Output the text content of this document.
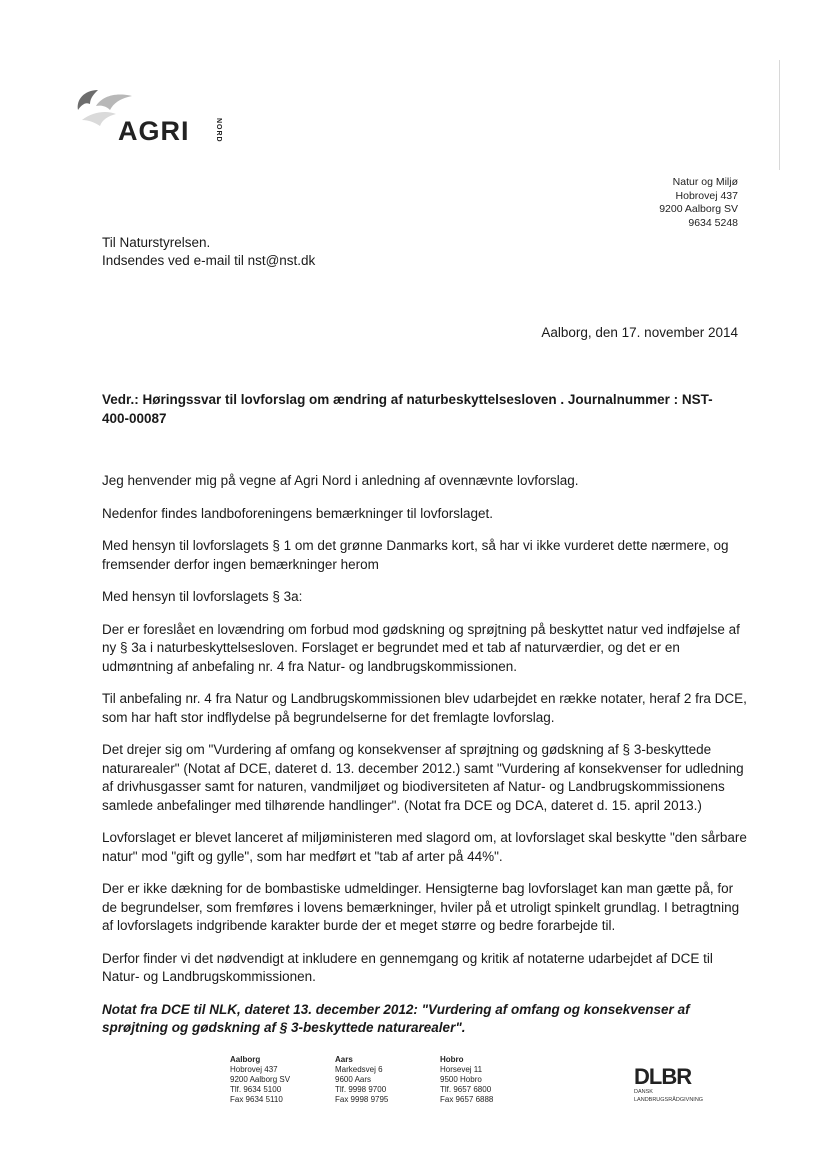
AGRI	NORD
Natur og Miljø
Hobrovej 437
9200 Aalborg SV
9634 5248
Til Naturstyrelsen.
Indsendes ved e-mail til nst@nst.dk
Aalborg, den 17. november 2014
Vedr.: Høringssvar til lovforslag om ændring af naturbeskyttelsesloven . Journalnummer : NST-400-00087

Jeg henvender mig på vegne af Agri Nord i anledning af ovennævnte lovforslag.

Nedenfor findes landboforeningens bemærkninger til lovforslaget.

Med hensyn til lovforslagets § 1 om det grønne Danmarks kort, så har vi ikke vurderet dette nærmere, og fremsender derfor ingen bemærkninger herom

Med hensyn til lovforslagets § 3a:

Der er foreslået en lovændring om forbud mod gødskning og sprøjtning på beskyttet natur ved indføjelse af ny § 3a i naturbeskyttelsesloven. Forslaget er begrundet med et tab af naturværdier, og det er en udmøntning af anbefaling nr. 4 fra Natur- og landbrugskommissionen.

Til anbefaling nr. 4 fra Natur og Landbrugskommissionen blev udarbejdet en række notater, heraf 2 fra DCE, som har haft stor indflydelse på begrundelserne for det fremlagte lovforslag.

Det drejer sig om "Vurdering af omfang og konsekvenser af sprøjtning og gødskning af § 3-beskyttede naturarealer" (Notat af DCE, dateret d. 13. december 2012.) samt "Vurdering af konsekvenser for udledning af drivhusgasser samt for naturen, vandmiljøet og biodiversiteten af Natur- og Landbrugskommissionens samlede anbefalinger med tilhørende handlinger". (Notat fra DCE og DCA, dateret d. 15. april 2013.)

Lovforslaget er blevet lanceret af miljøministeren med slagord om, at lovforslaget skal beskytte "den sårbare natur" mod "gift og gylle", som har medført et "tab af arter på 44%".

Der er ikke dækning for de bombastiske udmeldinger. Hensigterne bag lovforslaget kan man gætte på, for de begrundelser, som fremføres i lovens bemærkninger, hviler på et utroligt spinkelt grundlag. I betragtning af lovforslagets indgribende karakter burde der et meget større og bedre forarbejde til.

Derfor finder vi det nødvendigt at inkludere en gennemgang og kritik af notaterne udarbejdet af DCE til Natur- og Landbrugskommissionen.

Notat fra DCE til NLK, dateret 13. december 2012: "Vurdering af omfang og konsekvenser af sprøjtning og gødskning af § 3-beskyttede naturarealer".

Aalborg
Hobrovej 437
9200 Aalborg SV
Tlf. 9634 5100
Fax 9634 5110
Aars
Markedsvej 6
9600 Aars
Tlf. 9998 9700
Fax 9998 9795
Hobro
Horsevej 11
9500 Hobro
Tlf. 9657 6800
Fax 9657 6888
DLBR
DANSK
LANDBRUGSRÅDGIVNING
